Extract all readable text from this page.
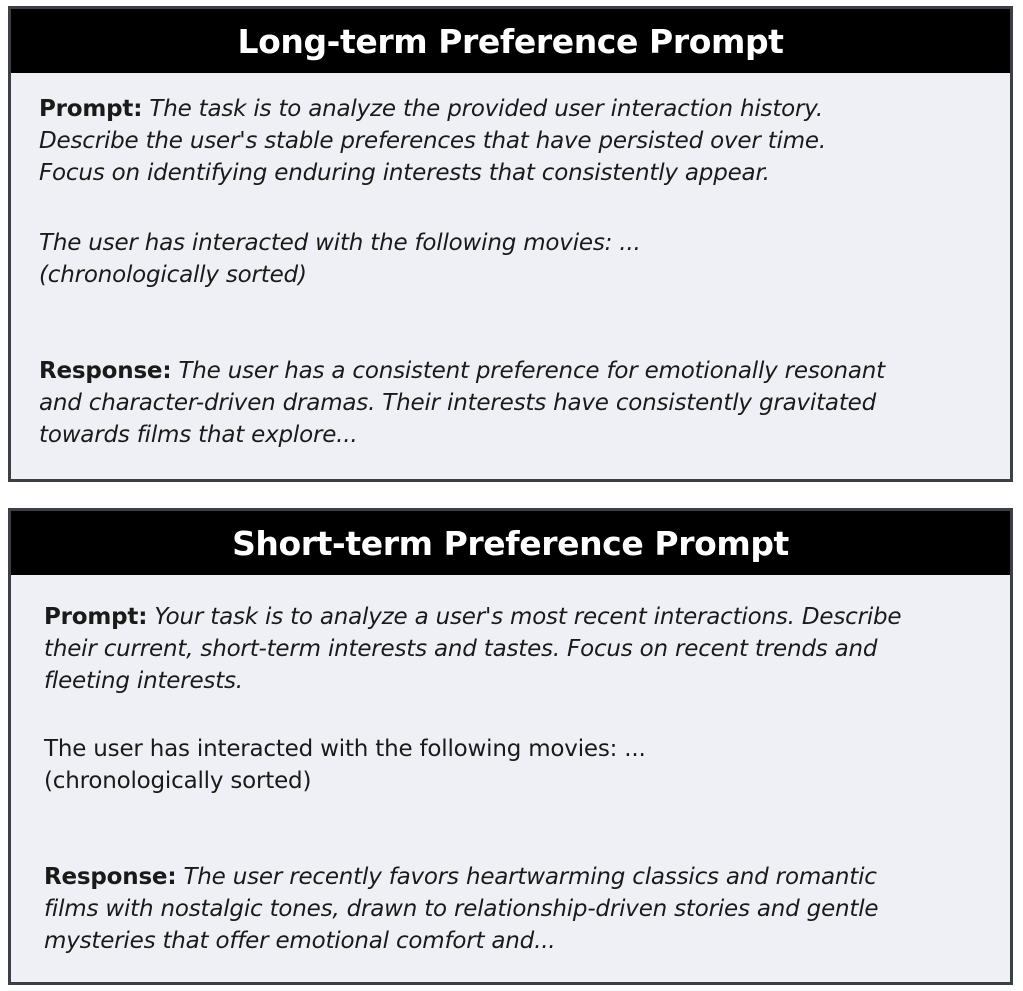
Long-term Preference Prompt

Prompt: The task is to analyze the provided user interaction history.
Describe the user's stable preferences that have persisted over time.
Focus on identifying enduring interests that consistently appear.

The user has interacted with the following movies: ...
(chronologically sorted)

Response: The user has a consistent preference for emotionally resonant
and character-driven dramas. Their interests have consistently gravitated
towards films that explore...

Short-term Preference Prompt

Prompt: Your task is to analyze a user's most recent interactions. Describe
their current, short-term interests and tastes. Focus on recent trends and
fleeting interests.

The user has interacted with the following movies: ...
(chronologically sorted)

Response: The user recently favors heartwarming classics and romantic
films with nostalgic tones, drawn to relationship-driven stories and gentle
mysteries that offer emotional comfort and...
